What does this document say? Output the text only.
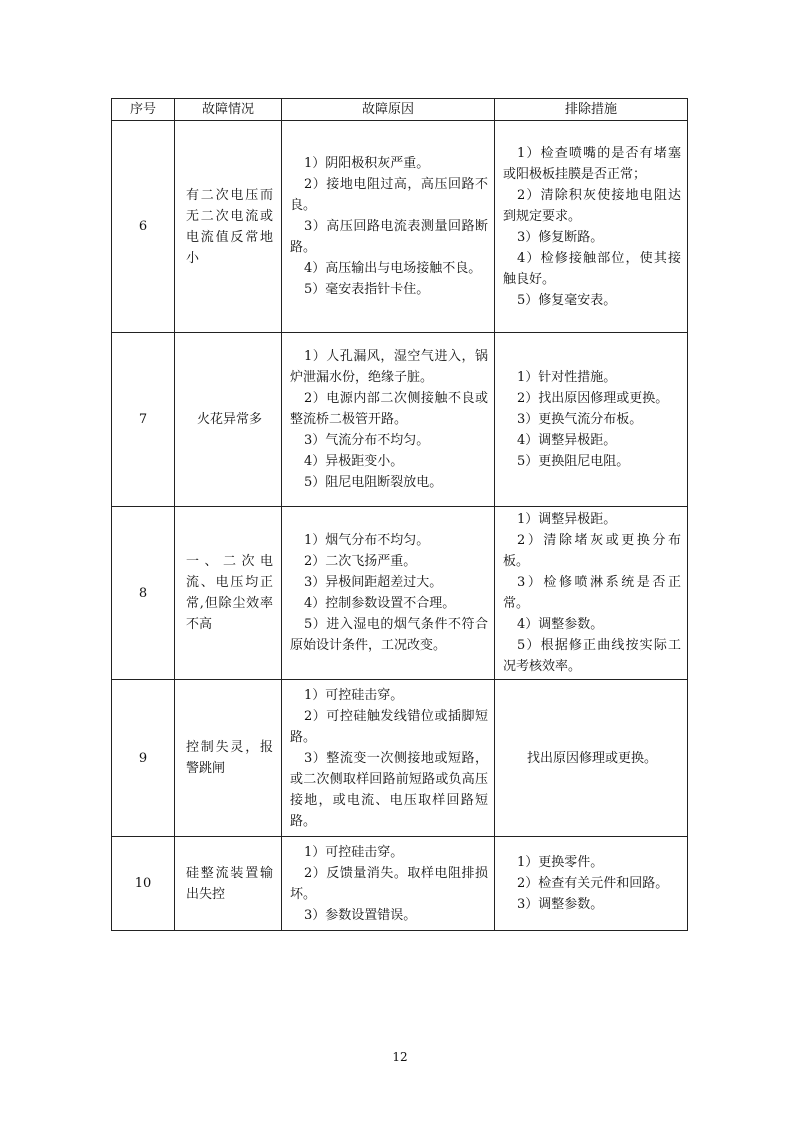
序号	故障情况	故障原因	排除措施
6	有二次电压而无二次电流或电流值反常地小	1）阴阳极积灰严重。
2）接地电阻过高，高压回路不良。
3）高压回路电流表测量回路断路。
4）高压输出与电场接触不良。
5）毫安表指针卡住。	1）检查喷嘴的是否有堵塞或阳极板挂膜是否正常；
2）清除积灰使接地电阻达到规定要求。
3）修复断路。
4）检修接触部位，使其接触良好。
5）修复毫安表。

7	火花异常多	1）人孔漏风，湿空气进入，锅炉泄漏水份，绝缘子脏。
2）电源内部二次侧接触不良或整流桥二极管开路。
3）气流分布不均匀。
4）异极距变小。
5）阻尼电阻断裂放电。	1）针对性措施。
2）找出原因修理或更换。
3）更换气流分布板。
4）调整异极距。
5）更换阻尼电阻。

8	一、二次电流、电压均正常,但除尘效率不高	1）烟气分布不均匀。
2）二次飞扬严重。
3）异极间距超差过大。
4）控制参数设置不合理。
5）进入湿电的烟气条件不符合原始设计条件，工况改变。	1）调整异极距。
2）清除堵灰或更换分布板。
3）检修喷淋系统是否正常。
4）调整参数。
5）根据修正曲线按实际工况考核效率。

9	控制失灵，报警跳闸	1）可控硅击穿。
2）可控硅触发线错位或插脚短路。
3）整流变一次侧接地或短路，或二次侧取样回路前短路或负高压接地，或电流、电压取样回路短路。	找出原因修理或更换。

10	硅整流装置输出失控	1）可控硅击穿。
2）反馈量消失。取样电阻排损坏。
3）参数设置错误。	1）更换零件。
2）检查有关元件和回路。
3）调整参数。
12
